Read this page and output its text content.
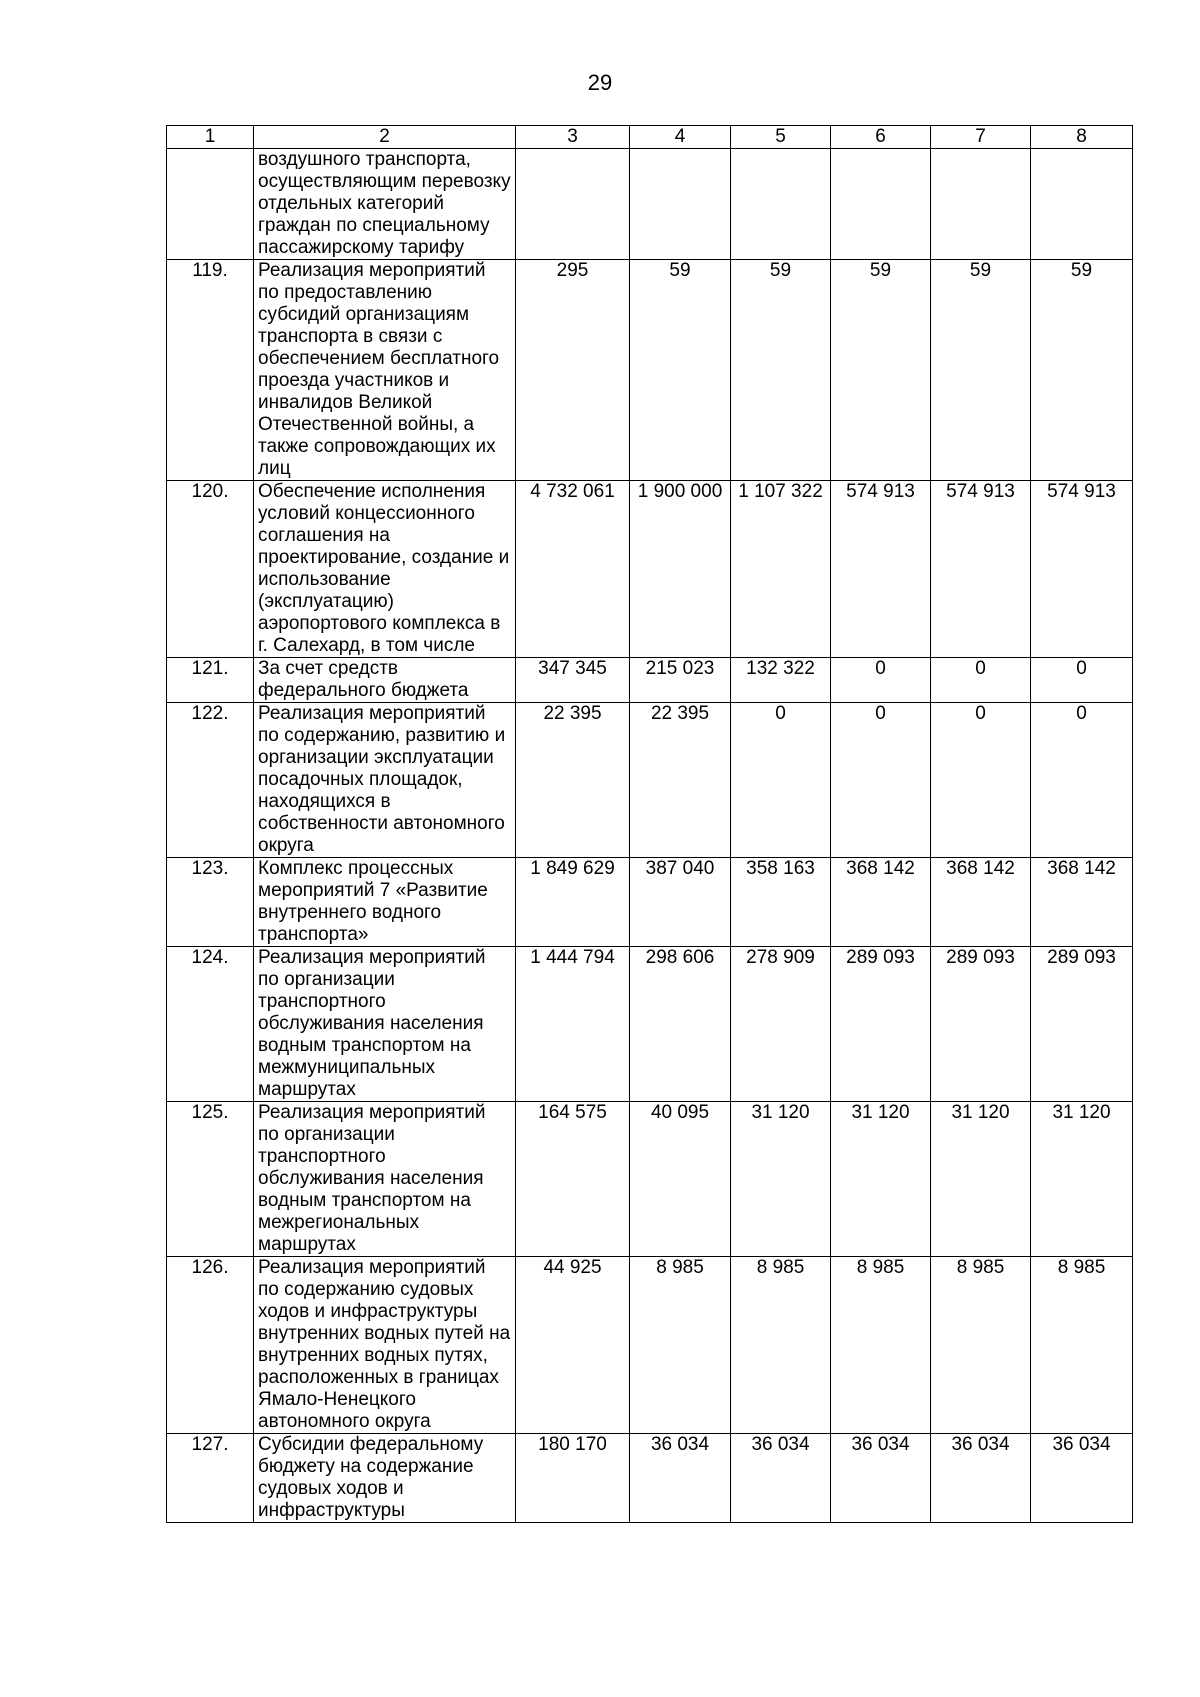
29
1	2	3	4	5	6	7	8
	воздушного транспорта, осуществляющим перевозку отдельных категорий граждан по специальному пассажирскому тарифу						
119.	Реализация мероприятий по предоставлению субсидий организациям транспорта в связи с обеспечением бесплатного проезда участников и инвалидов Великой Отечественной войны, а также сопровождающих их лиц	295	59	59	59	59	59
120.	Обеспечение исполнения условий концессионного соглашения на проектирование, создание и использование (эксплуатацию) аэропортового комплекса в г. Салехард, в том числе	4 732 061	1 900 000	1 107 322	574 913	574 913	574 913
121.	За счет средств федерального бюджета	347 345	215 023	132 322	0	0	0
122.	Реализация мероприятий по содержанию, развитию и организации эксплуатации посадочных площадок, находящихся в собственности автономного округа	22 395	22 395	0	0	0	0
123.	Комплекс процессных мероприятий 7 «Развитие внутреннего водного транспорта»	1 849 629	387 040	358 163	368 142	368 142	368 142
124.	Реализация мероприятий по организации транспортного обслуживания населения водным транспортом на межмуниципальных маршрутах	1 444 794	298 606	278 909	289 093	289 093	289 093
125.	Реализация мероприятий по организации транспортного обслуживания населения водным транспортом на межрегиональных маршрутах	164 575	40 095	31 120	31 120	31 120	31 120
126.	Реализация мероприятий по содержанию судовых ходов и инфраструктуры внутренних водных путей на внутренних водных путях, расположенных в границах Ямало-Ненецкого автономного округа	44 925	8 985	8 985	8 985	8 985	8 985
127.	Субсидии федеральному бюджету на содержание судовых ходов и инфраструктуры	180 170	36 034	36 034	36 034	36 034	36 034
